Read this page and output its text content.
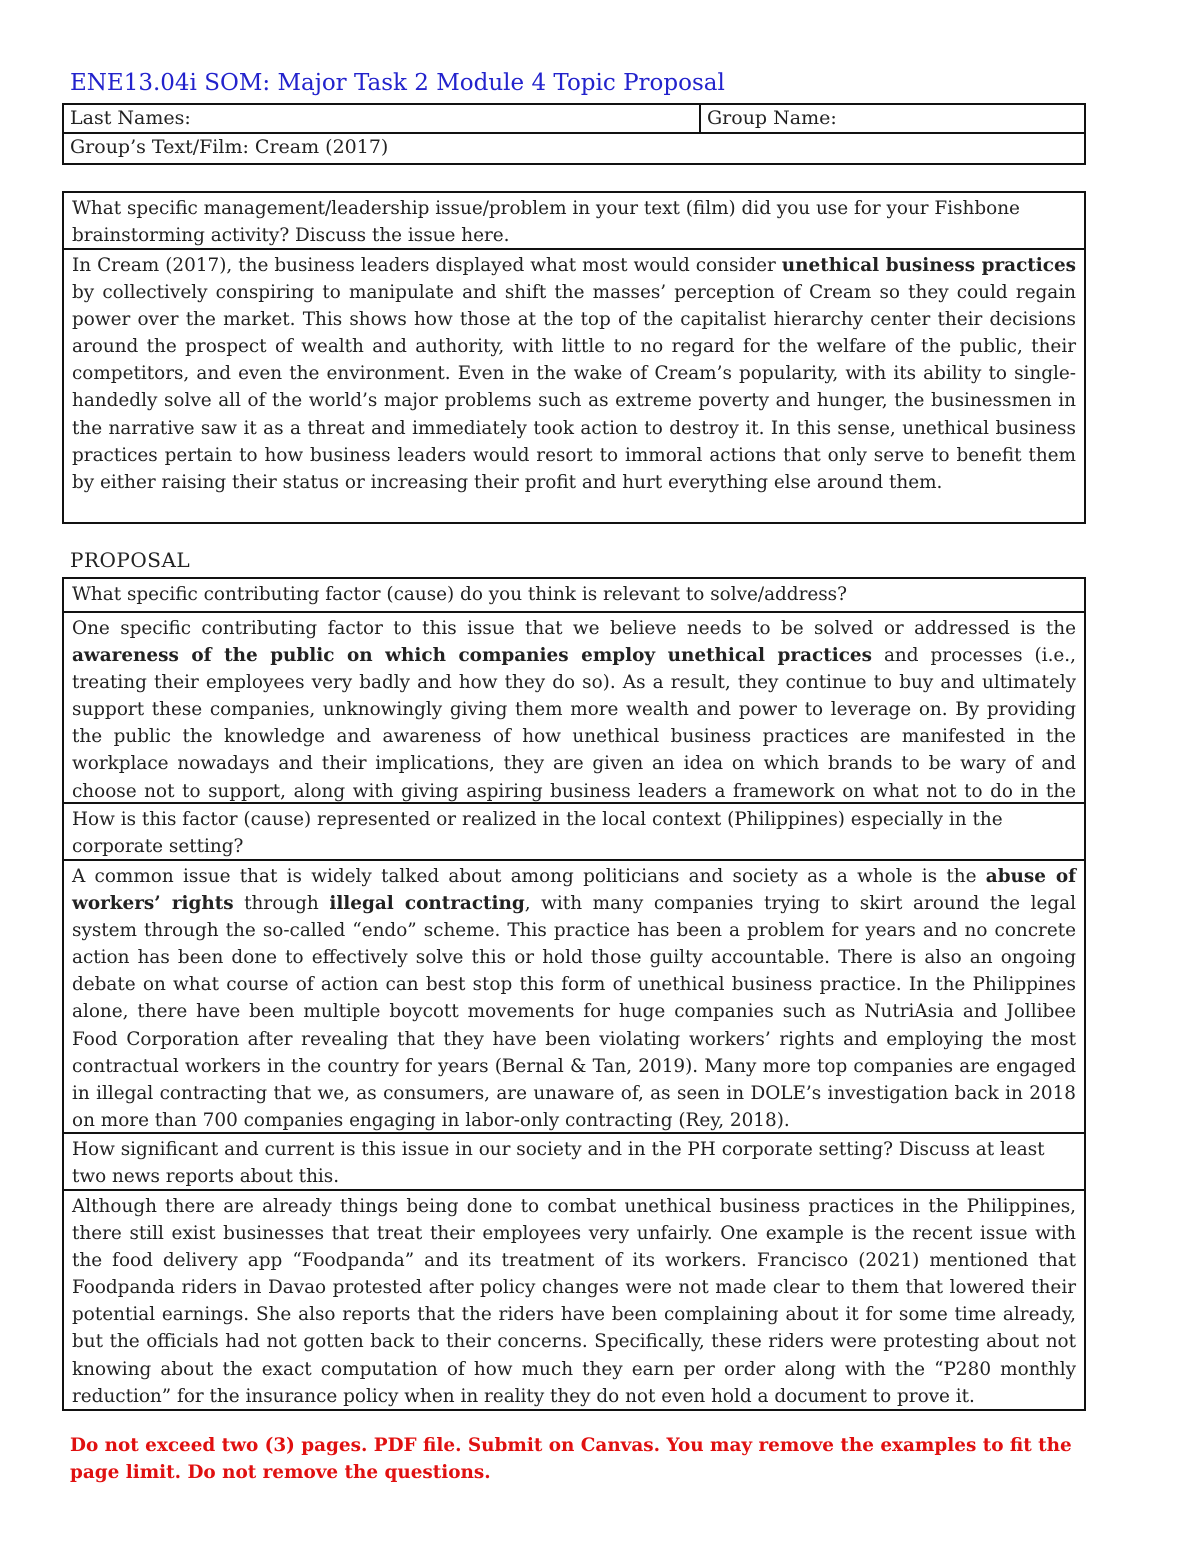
ENE13.04i SOM: Major Task 2 Module 4 Topic Proposal
Last Names:	Group Name:
Group’s Text/Film: Cream (2017)
What specific management/leadership issue/problem in your text (film) did you use for your Fishbone brainstorming activity? Discuss the issue here.
In Cream (2017), the business leaders displayed what most would consider unethical business practices by collectively conspiring to manipulate and shift the masses’ perception of Cream so they could regain power over the market. This shows how those at the top of the capitalist hierarchy center their decisions around the prospect of wealth and authority, with little to no regard for the welfare of the public, their competitors, and even the environment. Even in the wake of Cream’s popularity, with its ability to single-handedly solve all of the world’s major problems such as extreme poverty and hunger, the businessmen in the narrative saw it as a threat and immediately took action to destroy it. In this sense, unethical business practices pertain to how business leaders would resort to immoral actions that only serve to benefit them by either raising their status or increasing their profit and hurt everything else around them.
PROPOSAL
What specific contributing factor (cause) do you think is relevant to solve/address?
One specific contributing factor to this issue that we believe needs to be solved or addressed is the awareness of the public on which companies employ unethical practices and processes (i.e., treating their employees very badly and how they do so). As a result, they continue to buy and ultimately support these companies, unknowingly giving them more wealth and power to leverage on. By providing the public the knowledge and awareness of how unethical business practices are manifested in the workplace nowadays and their implications, they are given an idea on which brands to be wary of and choose not to support, along with giving aspiring business leaders a framework on what not to do in the
How is this factor (cause) represented or realized in the local context (Philippines) especially in the corporate setting?
A common issue that is widely talked about among politicians and society as a whole is the abuse of workers’ rights through illegal contracting, with many companies trying to skirt around the legal system through the so-called “endo” scheme. This practice has been a problem for years and no concrete action has been done to effectively solve this or hold those guilty accountable. There is also an ongoing debate on what course of action can best stop this form of unethical business practice. In the Philippines alone, there have been multiple boycott movements for huge companies such as NutriAsia and Jollibee Food Corporation after revealing that they have been violating workers’ rights and employing the most contractual workers in the country for years (Bernal & Tan, 2019). Many more top companies are engaged in illegal contracting that we, as consumers, are unaware of, as seen in DOLE’s investigation back in 2018 on more than 700 companies engaging in labor-only contracting (Rey, 2018).
How significant and current is this issue in our society and in the PH corporate setting? Discuss at least two news reports about this.
Although there are already things being done to combat unethical business practices in the Philippines, there still exist businesses that treat their employees very unfairly. One example is the recent issue with the food delivery app “Foodpanda” and its treatment of its workers. Francisco (2021) mentioned that Foodpanda riders in Davao protested after policy changes were not made clear to them that lowered their potential earnings. She also reports that the riders have been complaining about it for some time already, but the officials had not gotten back to their concerns. Specifically, these riders were protesting about not knowing about the exact computation of how much they earn per order along with the “P280 monthly reduction” for the insurance policy when in reality they do not even hold a document to prove it.
Do not exceed two (3) pages. PDF file. Submit on Canvas. You may remove the examples to fit the page limit. Do not remove the questions.
